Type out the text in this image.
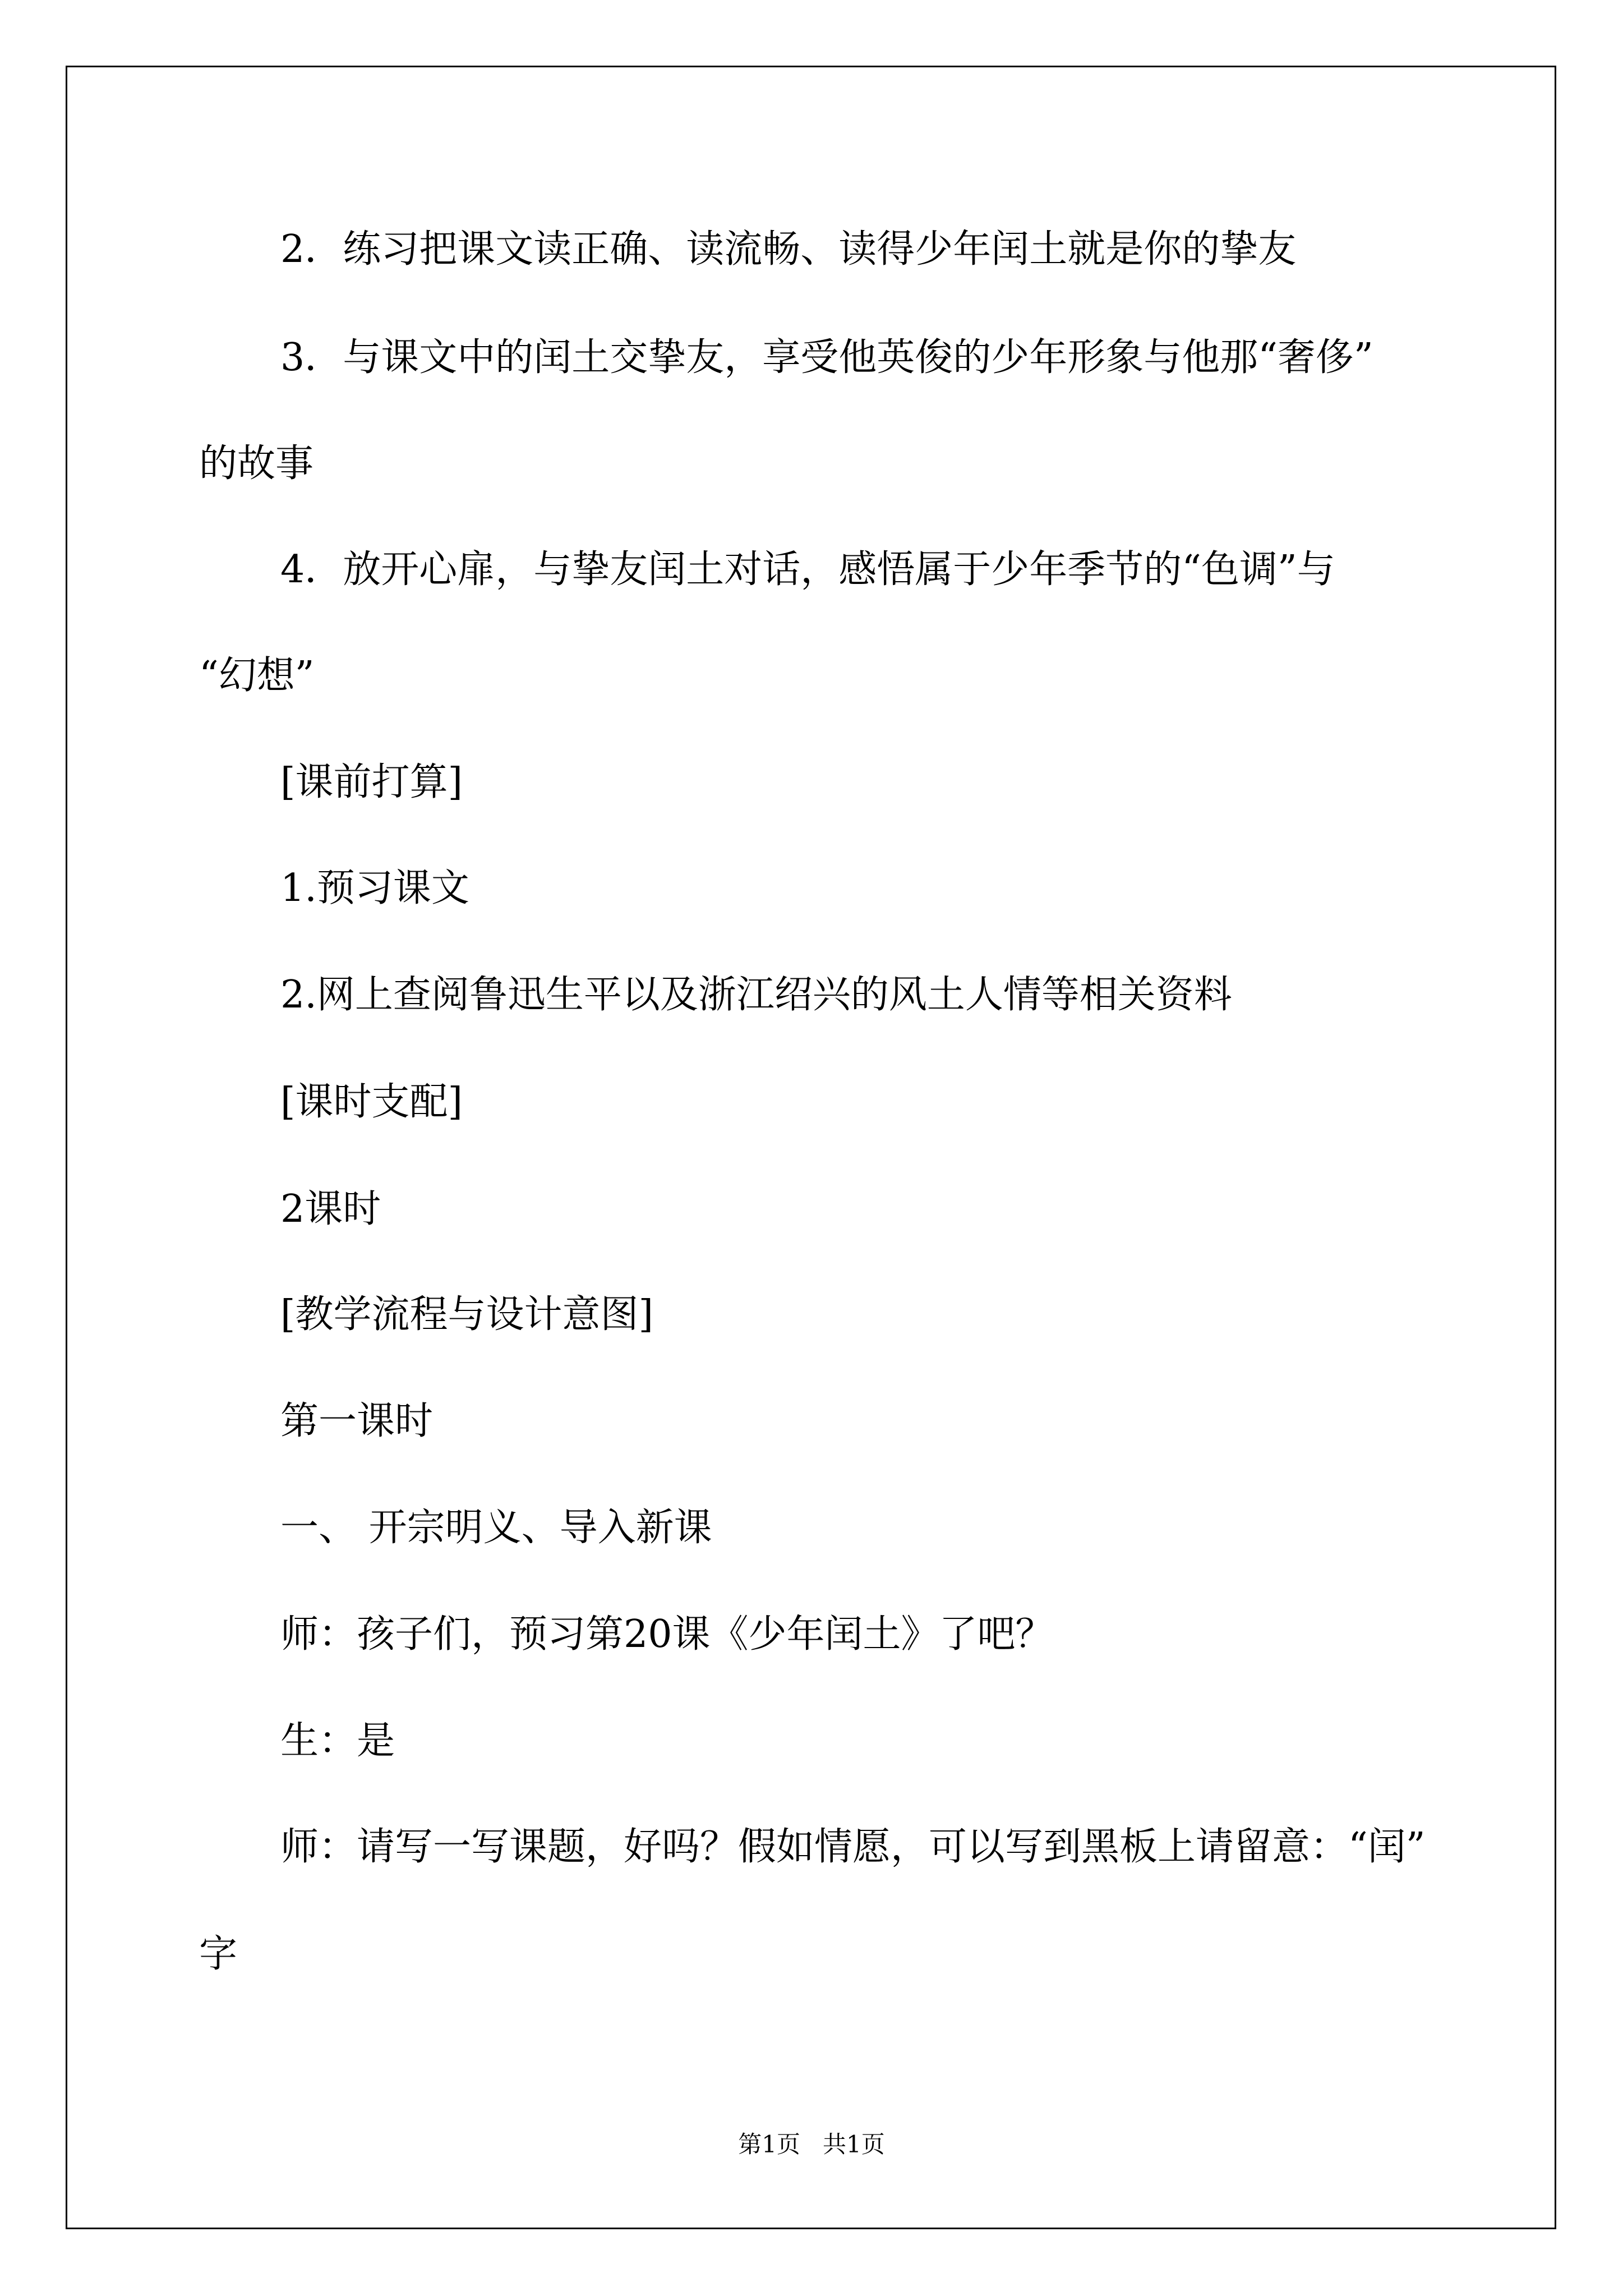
2．练习把课文读正确、读流畅、读得少年闰土就是你的挚友
3．与课文中的闰土交挚友，享受他英俊的少年形象与他那“奢侈”
的故事
4．放开心扉，与挚友闰土对话，感悟属于少年季节的“色调”与
“幻想”
[课前打算]
1.预习课文
2.网上查阅鲁迅生平以及浙江绍兴的风土人情等相关资料
[课时支配]
2课时
[教学流程与设计意图]
第一课时
一、 开宗明义、导入新课
师：孩子们，预习第20课《少年闰土》了吧？
生：是
师：请写一写课题，好吗？假如情愿，可以写到黑板上请留意：“闰”
字
第1页   共1页
